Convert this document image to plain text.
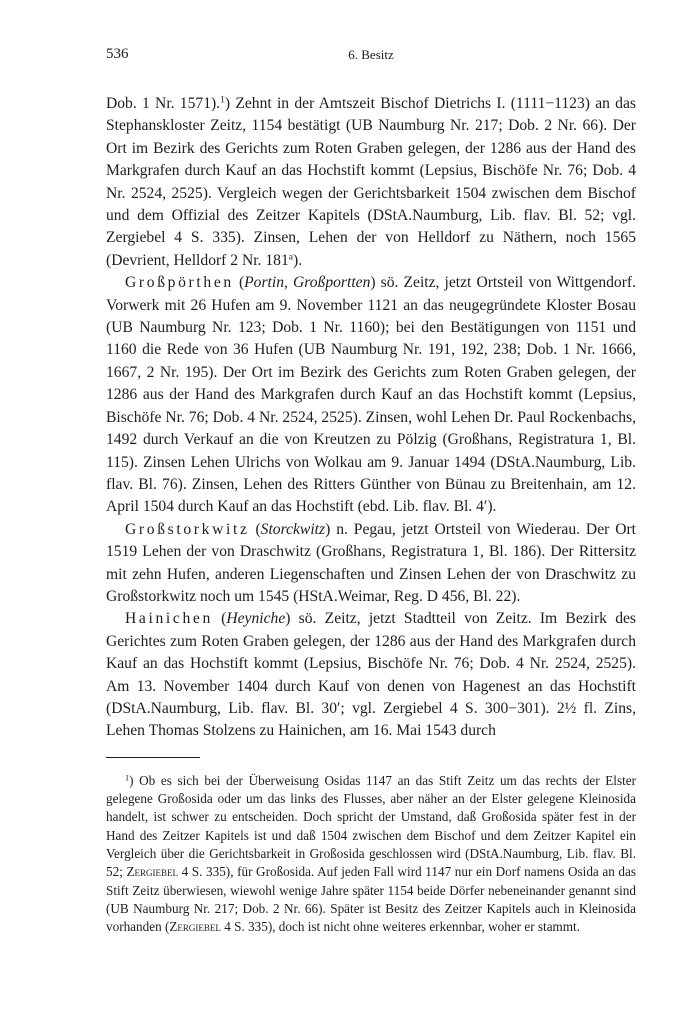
536	6. Besitz

Dob. 1 Nr. 1571).$^1$) Zehnt in der Amtszeit Bischof Dietrichs I. (1111−1123) an das Stephanskloster Zeitz, 1154 bestätigt (UB Naumburg Nr. 217; Dob. 2 Nr. 66). Der Ort im Bezirk des Gerichts zum Roten Graben gelegen, der 1286 aus der Hand des Markgrafen durch Kauf an das Hochstift kommt (Lepsius, Bischöfe Nr. 76; Dob. 4 Nr. 2524, 2525). Vergleich wegen der Gerichtsbarkeit 1504 zwischen dem Bischof und dem Offizial des Zeitzer Kapitels (DStA.Naumburg, Lib. flav. Bl. 52; vgl. Zergiebel 4 S. 335). Zinsen, Lehen der von Helldorf zu Näthern, noch 1565 (Devrient, Helldorf 2 Nr. 181$^a$).

Großpörthen (Portin, Großportten) sö. Zeitz, jetzt Ortsteil von Wittgendorf. Vorwerk mit 26 Hufen am 9. November 1121 an das neugegründete Kloster Bosau (UB Naumburg Nr. 123; Dob. 1 Nr. 1160); bei den Bestätigungen von 1151 und 1160 die Rede von 36 Hufen (UB Naumburg Nr. 191, 192, 238; Dob. 1 Nr. 1666, 1667, 2 Nr. 195). Der Ort im Bezirk des Gerichts zum Roten Graben gelegen, der 1286 aus der Hand des Markgrafen durch Kauf an das Hochstift kommt (Lepsius, Bischöfe Nr. 76; Dob. 4 Nr. 2524, 2525). Zinsen, wohl Lehen Dr. Paul Rockenbachs, 1492 durch Verkauf an die von Kreutzen zu Pölzig (Großhans, Registratura 1, Bl. 115). Zinsen Lehen Ulrichs von Wolkau am 9. Januar 1494 (DStA.Naumburg, Lib. flav. Bl. 76). Zinsen, Lehen des Ritters Günther von Bünau zu Breitenhain, am 12. April 1504 durch Kauf an das Hochstift (ebd. Lib. flav. Bl. 4′).

Großstorkwitz (Storckwitz) n. Pegau, jetzt Ortsteil von Wiederau. Der Ort 1519 Lehen der von Draschwitz (Großhans, Registratura 1, Bl. 186). Der Rittersitz mit zehn Hufen, anderen Liegenschaften und Zinsen Lehen der von Draschwitz zu Großstorkwitz noch um 1545 (HStA.Weimar, Reg. D 456, Bl. 22).

Hainichen (Heyniche) sö. Zeitz, jetzt Stadtteil von Zeitz. Im Bezirk des Gerichtes zum Roten Graben gelegen, der 1286 aus der Hand des Markgrafen durch Kauf an das Hochstift kommt (Lepsius, Bischöfe Nr. 76; Dob. 4 Nr. 2524, 2525). Am 13. November 1404 durch Kauf von denen von Hagenest an das Hochstift (DStA.Naumburg, Lib. flav. Bl. 30′; vgl. Zergiebel 4 S. 300−301). 2½ fl. Zins, Lehen Thomas Stolzens zu Hainichen, am 16. Mai 1543 durch

$^1$) Ob es sich bei der Überweisung Osidas 1147 an das Stift Zeitz um das rechts der Elster gelegene Großosida oder um das links des Flusses, aber näher an der Elster gelegene Kleinosida handelt, ist schwer zu entscheiden. Doch spricht der Umstand, daß Großosida später fest in der Hand des Zeitzer Kapitels ist und daß 1504 zwischen dem Bischof und dem Zeitzer Kapitel ein Vergleich über die Gerichtsbarkeit in Großosida geschlossen wird (DStA.Naumburg, Lib. flav. Bl. 52; Zergiebel 4 S. 335), für Großosida. Auf jeden Fall wird 1147 nur ein Dorf namens Osida an das Stift Zeitz überwiesen, wiewohl wenige Jahre später 1154 beide Dörfer nebeneinander genannt sind (UB Naumburg Nr. 217; Dob. 2 Nr. 66). Später ist Besitz des Zeitzer Kapitels auch in Kleinosida vorhanden (Zergiebel 4 S. 335), doch ist nicht ohne weiteres erkennbar, woher er stammt.
